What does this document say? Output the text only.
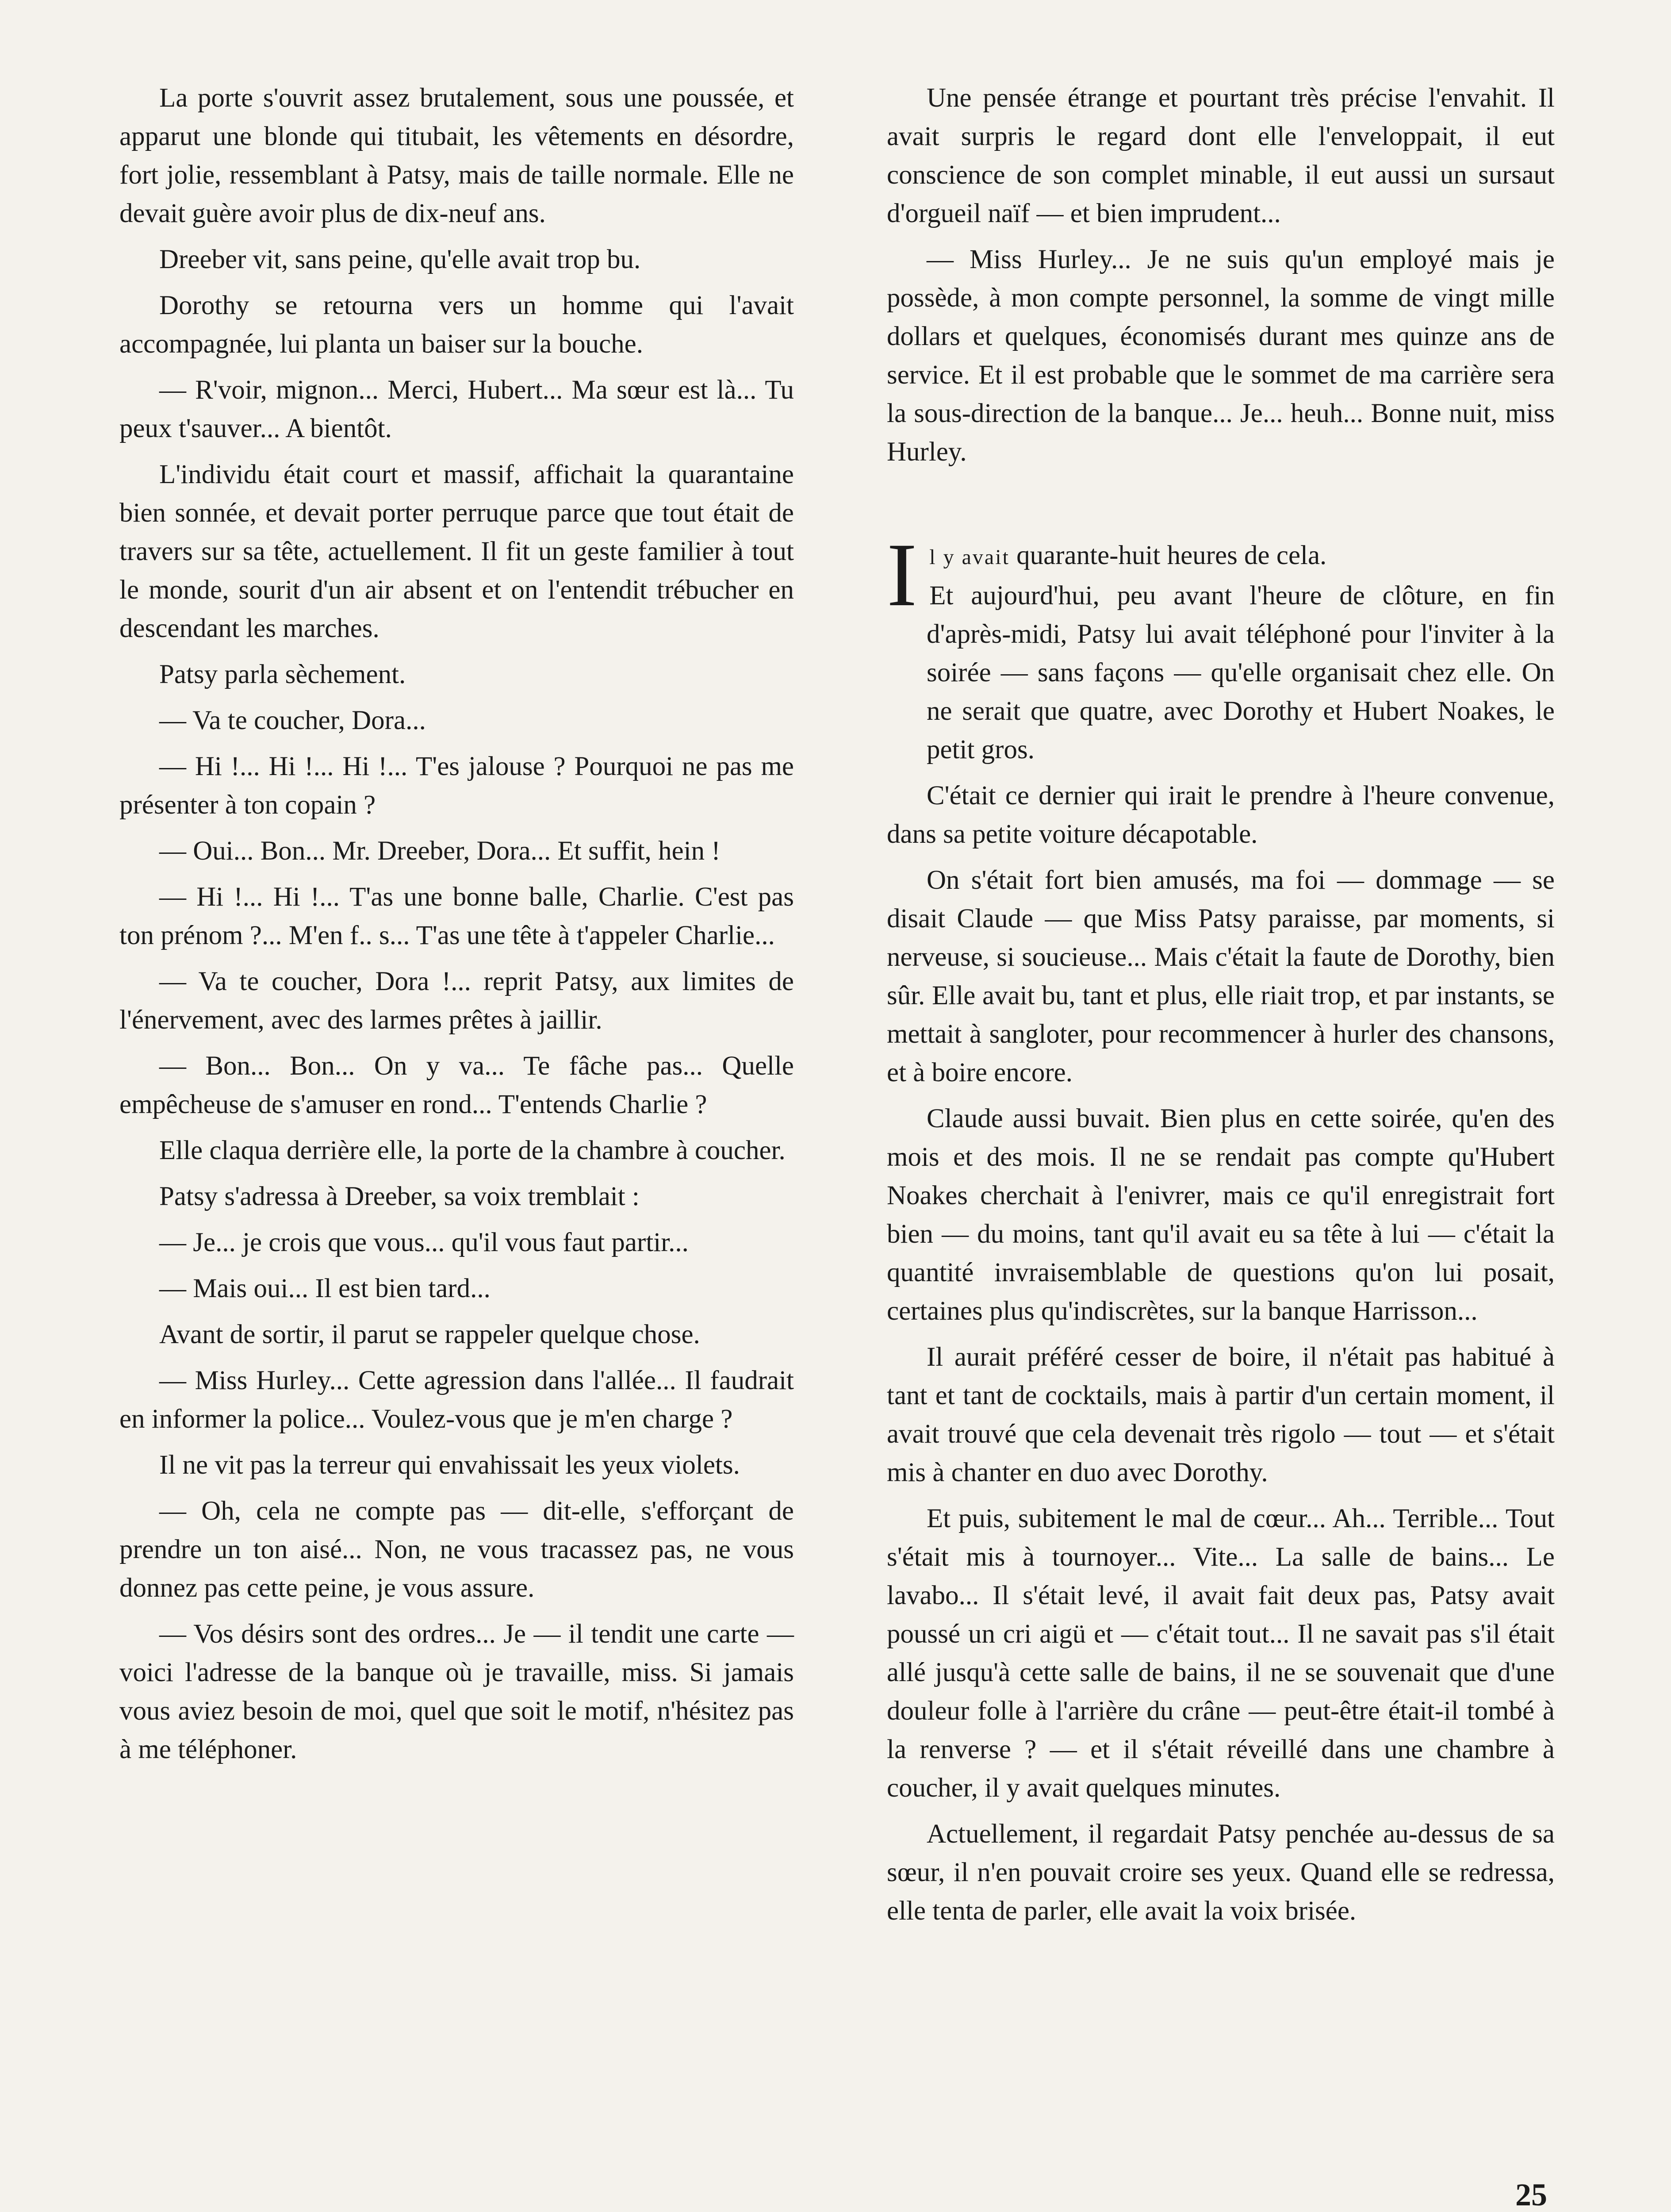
La porte s'ouvrit assez brutalement, sous une poussée, et apparut une blonde qui titubait, les vêtements en désordre, fort jolie, ressemblant à Patsy, mais de taille normale. Elle ne devait guère avoir plus de dix-neuf ans.

Dreeber vit, sans peine, qu'elle avait trop bu.

Dorothy se retourna vers un homme qui l'avait accompagnée, lui planta un baiser sur la bouche.

— R'voir, mignon... Merci, Hubert... Ma sœur est là... Tu peux t'sauver... A bientôt.

L'individu était court et massif, affichait la quarantaine bien sonnée, et devait porter perruque parce que tout était de travers sur sa tête, actuellement. Il fit un geste familier à tout le monde, sourit d'un air absent et on l'entendit trébucher en descendant les marches.

Patsy parla sèchement.

— Va te coucher, Dora...

— Hi !... Hi !... Hi !... T'es jalouse ? Pourquoi ne pas me présenter à ton copain ?

— Oui... Bon... Mr. Dreeber, Dora... Et suffit, hein !

— Hi !... Hi !... T'as une bonne balle, Charlie. C'est pas ton prénom ?... M'en f.. s... T'as une tête à t'appeler Charlie...

— Va te coucher, Dora !... reprit Patsy, aux limites de l'énervement, avec des larmes prêtes à jaillir.

— Bon... Bon... On y va... Te fâche pas... Quelle empêcheuse de s'amuser en rond... T'entends Charlie ?

Elle claqua derrière elle, la porte de la chambre à coucher.

Patsy s'adressa à Dreeber, sa voix tremblait :

— Je... je crois que vous... qu'il vous faut partir...

— Mais oui... Il est bien tard...

Avant de sortir, il parut se rappeler quelque chose.

— Miss Hurley... Cette agression dans l'allée... Il faudrait en informer la police... Voulez-vous que je m'en charge ?

Il ne vit pas la terreur qui envahissait les yeux violets.

— Oh, cela ne compte pas — dit-elle, s'efforçant de prendre un ton aisé... Non, ne vous tracassez pas, ne vous donnez pas cette peine, je vous assure.

— Vos désirs sont des ordres... Je — il tendit une carte — voici l'adresse de la banque où je travaille, miss. Si jamais vous aviez besoin de moi, quel que soit le motif, n'hésitez pas à me téléphoner.

Une pensée étrange et pourtant très précise l'envahit. Il avait surpris le regard dont elle l'enveloppait, il eut conscience de son complet minable, il eut aussi un sursaut d'orgueil naïf — et bien imprudent...

— Miss Hurley... Je ne suis qu'un employé mais je possède, à mon compte personnel, la somme de vingt mille dollars et quelques, économisés durant mes quinze ans de service. Et il est probable que le sommet de ma carrière sera la sous-direction de la banque... Je... heuh... Bonne nuit, miss Hurley.

Il y avait quarante-huit heures de cela.
Et aujourd'hui, peu avant l'heure de clôture, en fin d'après-midi, Patsy lui avait téléphoné pour l'inviter à la soirée — sans façons — qu'elle organisait chez elle. On ne serait que quatre, avec Dorothy et Hubert Noakes, le petit gros.

C'était ce dernier qui irait le prendre à l'heure convenue, dans sa petite voiture décapotable.

On s'était fort bien amusés, ma foi — dommage — se disait Claude — que Miss Patsy paraisse, par moments, si nerveuse, si soucieuse... Mais c'était la faute de Dorothy, bien sûr. Elle avait bu, tant et plus, elle riait trop, et par instants, se mettait à sangloter, pour recommencer à hurler des chansons, et à boire encore.

Claude aussi buvait. Bien plus en cette soirée, qu'en des mois et des mois. Il ne se rendait pas compte qu'Hubert Noakes cherchait à l'enivrer, mais ce qu'il enregistrait fort bien — du moins, tant qu'il avait eu sa tête à lui — c'était la quantité invraisemblable de questions qu'on lui posait, certaines plus qu'indiscrètes, sur la banque Harrisson...

Il aurait préféré cesser de boire, il n'était pas habitué à tant et tant de cocktails, mais à partir d'un certain moment, il avait trouvé que cela devenait très rigolo — tout — et s'était mis à chanter en duo avec Dorothy.

Et puis, subitement le mal de cœur... Ah... Terrible... Tout s'était mis à tournoyer... Vite... La salle de bains... Le lavabo... Il s'était levé, il avait fait deux pas, Patsy avait poussé un cri aigü et — c'était tout... Il ne savait pas s'il était allé jusqu'à cette salle de bains, il ne se souvenait que d'une douleur folle à l'arrière du crâne — peut-être était-il tombé à la renverse ? — et il s'était réveillé dans une chambre à coucher, il y avait quelques minutes.

Actuellement, il regardait Patsy penchée au-dessus de sa sœur, il n'en pouvait croire ses yeux. Quand elle se redressa, elle tenta de parler, elle avait la voix brisée.

25
